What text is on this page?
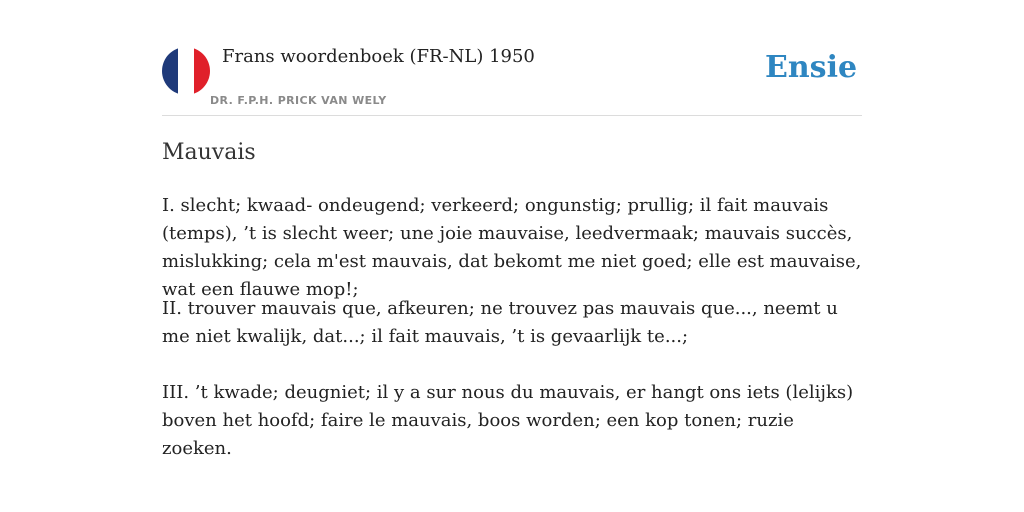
Frans woordenboek (FR-NL) 1950
DR. F.P.H. PRICK VAN WELY
Ensie
Mauvais

I. slecht; kwaad- ondeugend; verkeerd; ongunstig; prullig; il fait mauvais (temps), ’t is slecht weer; une joie mauvaise, leedvermaak; mauvais succès, mislukking; cela m'est mauvais, dat bekomt me niet goed; elle est mauvaise, wat een flauwe mop!;

II. trouver mauvais que, afkeuren; ne trouvez pas mauvais que..., neemt u me niet kwalijk, dat...; il fait mauvais, ’t is gevaarlijk te...;

III. ’t kwade; deugniet; il y a sur nous du mauvais, er hangt ons iets (lelijks) boven het hoofd; faire le mauvais, boos worden; een kop tonen; ruzie zoeken.
